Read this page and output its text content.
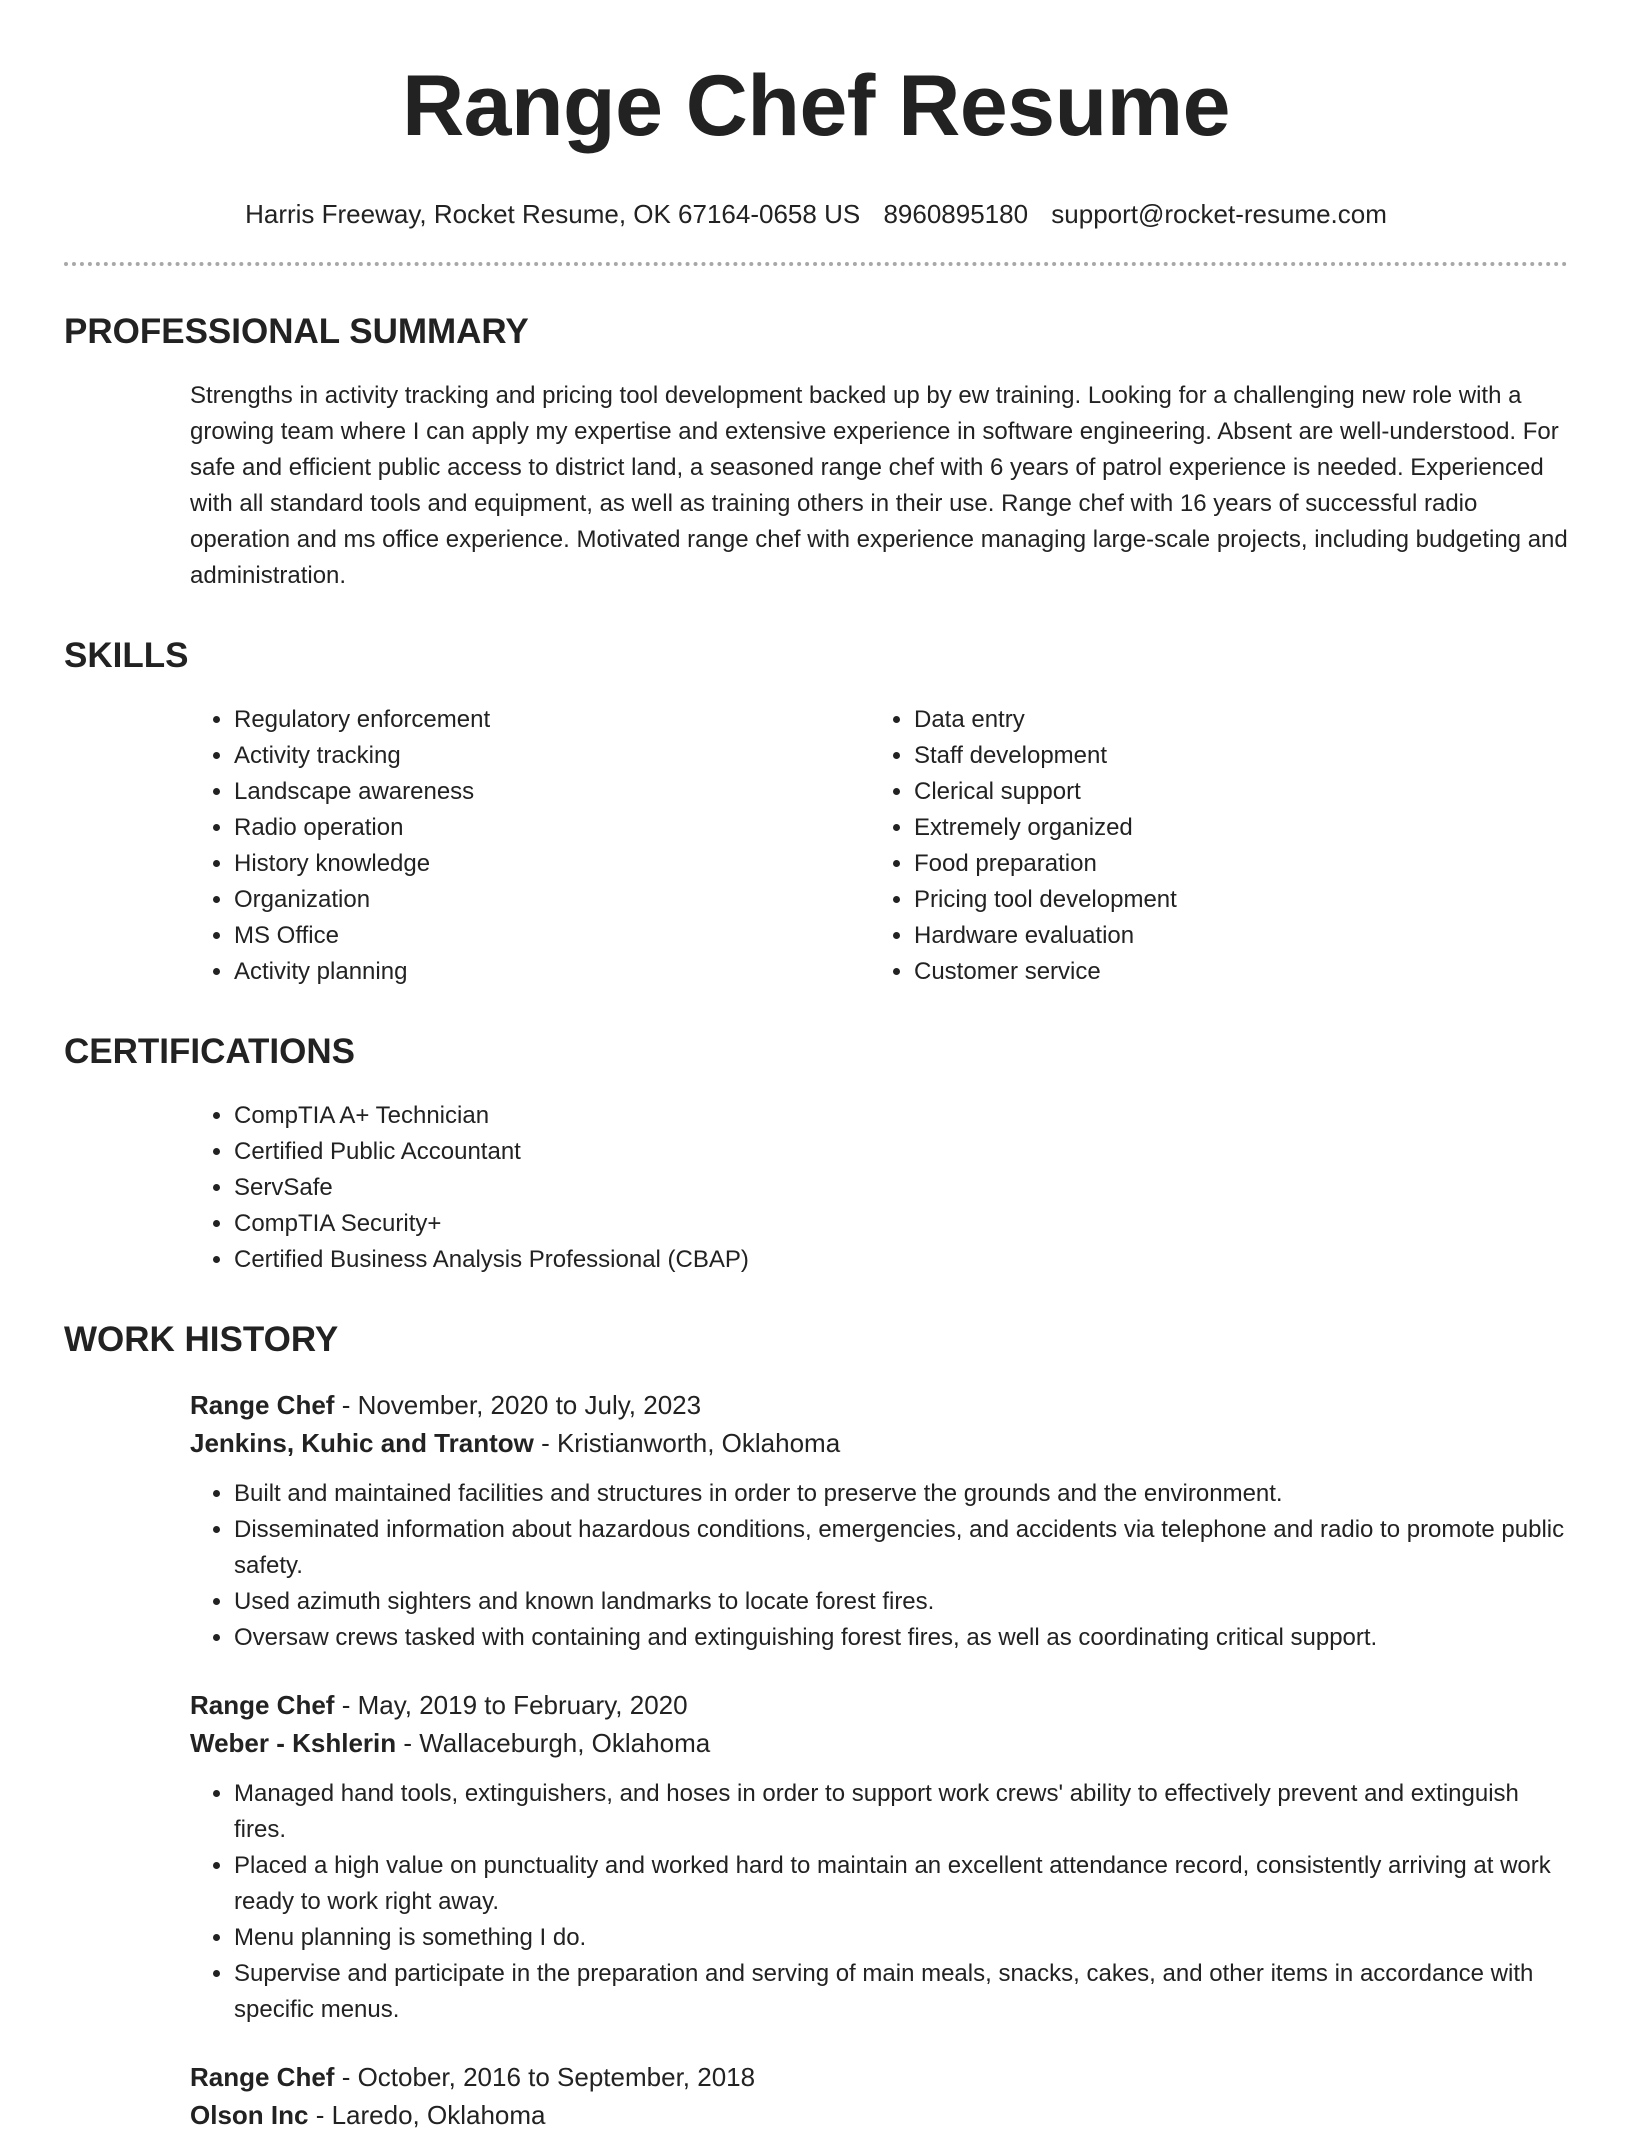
Range Chef Resume
Harris Freeway, Rocket Resume, OK 67164-0658 US 8960895180 support@rocket-resume.com
PROFESSIONAL SUMMARY

Strengths in activity tracking and pricing tool development backed up by ew training. Looking for a challenging new role with a growing team where I can apply my expertise and extensive experience in software engineering. Absent are well-understood. For safe and efficient public access to district land, a seasoned range chef with 6 years of patrol experience is needed. Experienced with all standard tools and equipment, as well as training others in their use. Range chef with 16 years of successful radio operation and ms office experience. Motivated range chef with experience managing large-scale projects, including budgeting and administration.

SKILLS
• Regulatory enforcement
• Activity tracking
• Landscape awareness
• Radio operation
• History knowledge
• Organization
• MS Office
• Activity planning
• Data entry
• Staff development
• Clerical support
• Extremely organized
• Food preparation
• Pricing tool development
• Hardware evaluation
• Customer service
CERTIFICATIONS
• CompTIA A+ Technician
• Certified Public Accountant
• ServSafe
• CompTIA Security+
• Certified Business Analysis Professional (CBAP)
WORK HISTORY
Range Chef - November, 2020 to July, 2023
Jenkins, Kuhic and Trantow - Kristianworth, Oklahoma
• Built and maintained facilities and structures in order to preserve the grounds and the environment.
• Disseminated information about hazardous conditions, emergencies, and accidents via telephone and radio to promote public safety.
• Used azimuth sighters and known landmarks to locate forest fires.
• Oversaw crews tasked with containing and extinguishing forest fires, as well as coordinating critical support.
Range Chef - May, 2019 to February, 2020
Weber - Kshlerin - Wallaceburgh, Oklahoma
• Managed hand tools, extinguishers, and hoses in order to support work crews' ability to effectively prevent and extinguish fires.
• Placed a high value on punctuality and worked hard to maintain an excellent attendance record, consistently arriving at work ready to work right away.
• Menu planning is something I do.
• Supervise and participate in the preparation and serving of main meals, snacks, cakes, and other items in accordance with specific menus.
Range Chef - October, 2016 to September, 2018
Olson Inc - Laredo, Oklahoma
